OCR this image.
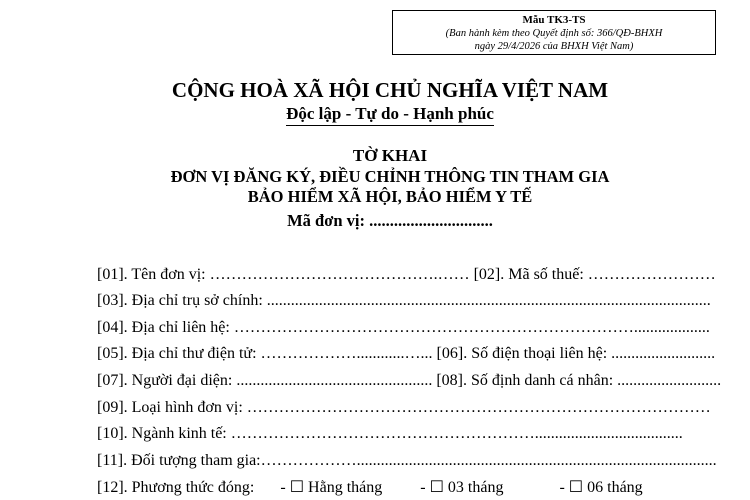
Mẫu TK3-TS
(Ban hành kèm theo Quyết định số: 366/QĐ-BHXH
ngày 29/4/2026 của BHXH Việt Nam)
CỘNG HOÀ XÃ HỘI CHỦ NGHĨA VIỆT NAM
Độc lập - Tự do - Hạnh phúc
TỜ KHAI
ĐƠN VỊ ĐĂNG KÝ, ĐIỀU CHỈNH THÔNG TIN THAM GIA
BẢO HIỂM XÃ HỘI, BẢO HIỂM Y TẾ
Mã đơn vị: ..............................
[01]. Tên đơn vị: …………………………………….…… [02]. Mã số thuế: ……………………
[03]. Địa chỉ trụ sở chính: ...............................................................................................................
[04]. Địa chỉ liên hệ: …………………………………………………………………...................
[05]. Địa chỉ thư điện tử: ………………............…... [06]. Số điện thoại liên hệ: ..........................
[07]. Người đại diện: ................................................. [08]. Số định danh cá nhân: ..........................
[09]. Loại hình đơn vị: ……………………………………………………………………………
[10]. Ngành kinh tế: ………………………………………………….....................................
[11]. Đối tượng tham gia:………………..........................................................................................
[12]. Phương thức đóng: - ☐ Hằng tháng - ☐ 03 tháng	- ☐ 06 tháng
